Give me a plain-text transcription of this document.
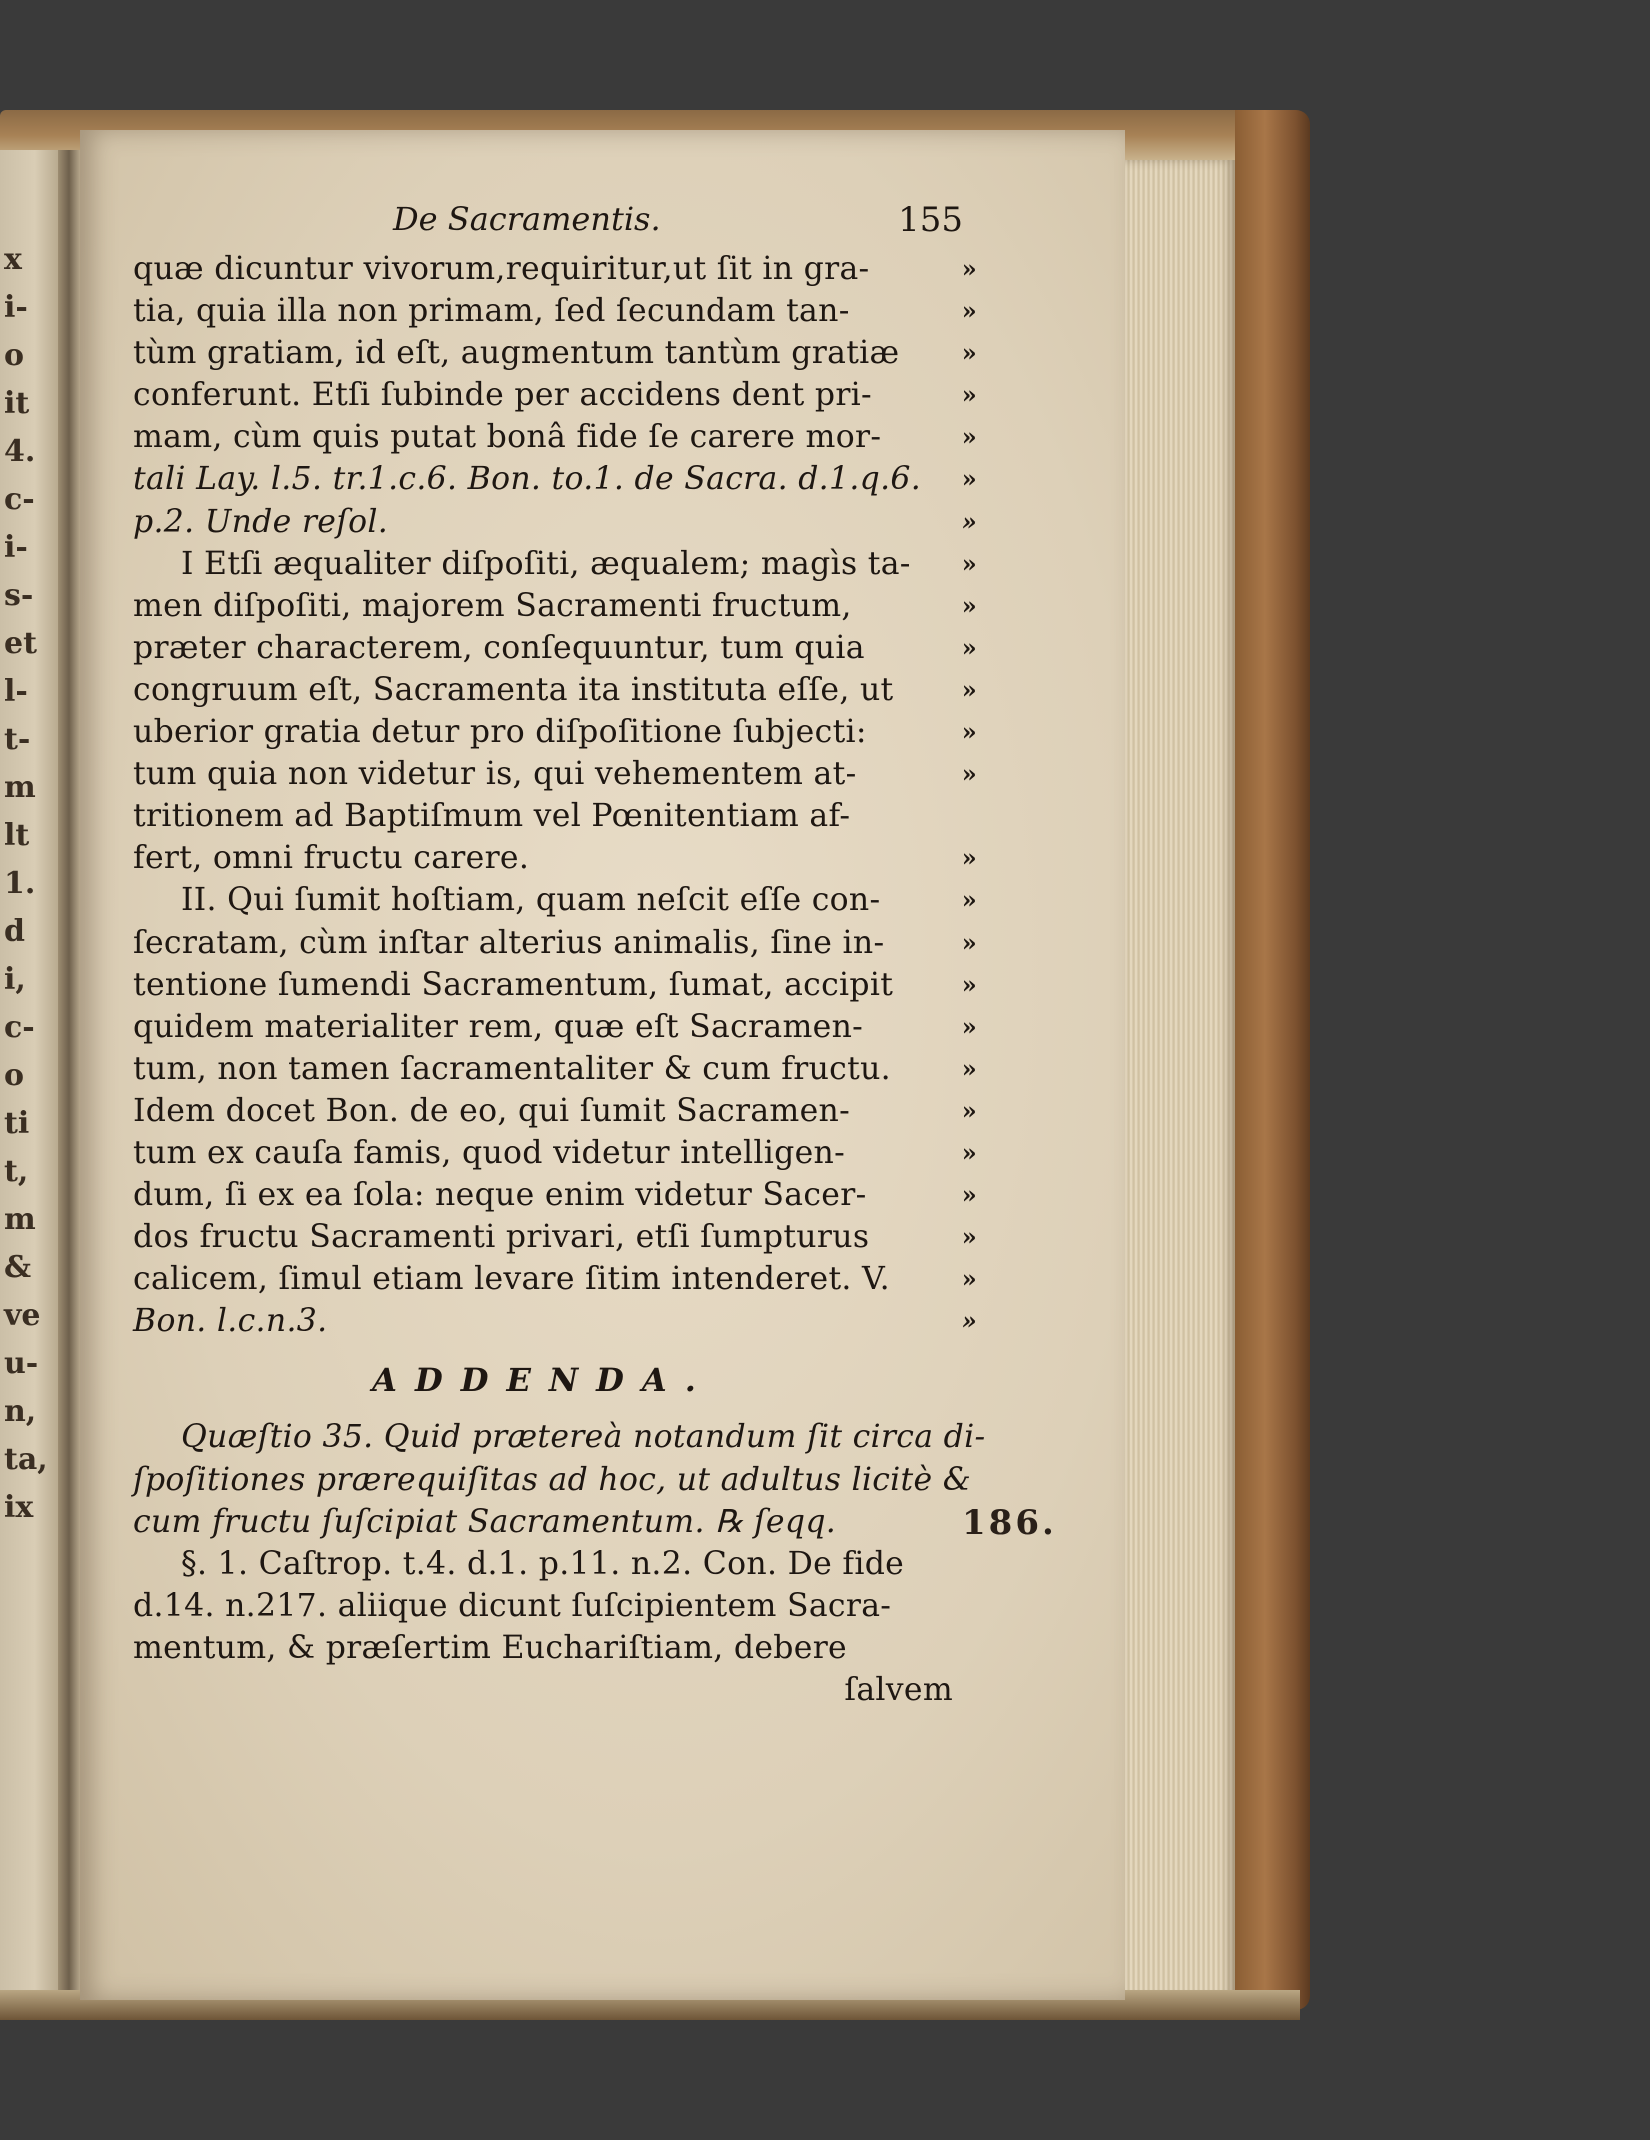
x
i-
o
it
4.
c-
i-
s-
et
l-
t-
m
lt
1.
d
i,
c-
o
ti
t,
m
&
ve
u-
n,
ta,
ix
De Sacramentis.	155
quæ dicuntur vivorum,requiritur,ut ſit in gra-	»
tia, quia illa non primam, ſed ſecundam tan-	»
tùm gratiam, id eſt, augmentum tantùm gratiæ	»
conferunt. Etſi ſubinde per accidens dent pri-	»
mam, cùm quis putat bonâ fide ſe carere mor-	»
tali Lay. l.5. tr.1.c.6. Bon. to.1. de Sacra. d.1.q.6. »
p.2. Unde reſol.	»
I Etſi æqualiter diſpoſiti, æqualem; magìs ta- »
men diſpoſiti, majorem Sacramenti fructum,	»
præter characterem, conſequuntur, tum quia	»
congruum eſt, Sacramenta ita instituta eſſe, ut	»
uberior gratia detur pro diſpoſitione ſubjecti:	»
tum quia non videtur is, qui vehementem at-	»
tritionem ad Baptiſmum vel Pœnitentiam af-
fert, omni fructu carere.	»
II. Qui ſumit hoſtiam, quam neſcit eſſe con-	»
ſecratam, cùm inſtar alterius animalis, ſine in-	»
tentione ſumendi Sacramentum, ſumat, accipit	»
quidem materialiter rem, quæ eſt Sacramen-	»
tum, non tamen ſacramentaliter & cum fructu.	»
Idem docet Bon. de eo, qui ſumit Sacramen-	»
tum ex cauſa famis, quod videtur intelligen-	»
dum, ſi ex ea ſola: neque enim videtur Sacer-	»
dos fructu Sacramenti privari, etſi ſumpturus	»
calicem, ſimul etiam levare ſitim intenderet. V.	»
Bon. l.c.n.3.	»
ADDENDA.
Quæſtio 35. Quid prætereà notandum ſit circa di-
ſpoſitiones prærequiſitas ad hoc, ut adultus licitè &
cum fructu ſuſcipiat Sacramentum. ℞ ſeqq.
§. 1. Caſtrop. t.4. d.1. p.11. n.2. Con. De fide
d.14. n.217. aliique dicunt ſuſcipientem Sacra-
mentum, & præſertim Euchariſtiam, debere
ſalvem
186.
